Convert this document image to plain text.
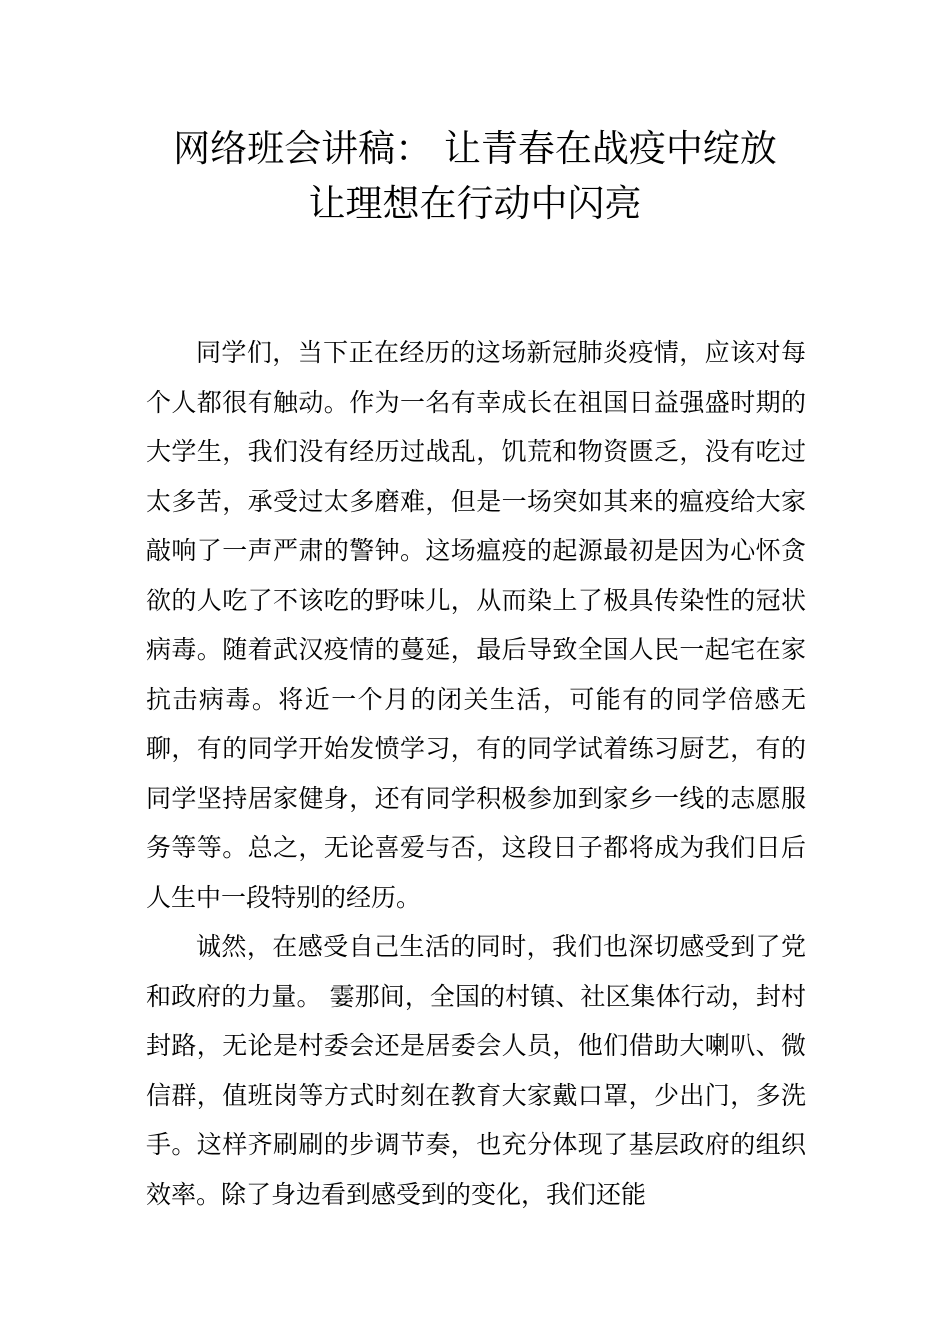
网络班会讲稿： 让青春在战疫中绽放
让理想在行动中闪亮

同学们，当下正在经历的这场新冠肺炎疫情，应该对每个人都很有触动。作为一名有幸成长在祖国日益强盛时期的大学生，我们没有经历过战乱，饥荒和物资匮乏，没有吃过太多苦，承受过太多磨难，但是一场突如其来的瘟疫给大家敲响了一声严肃的警钟。这场瘟疫的起源最初是因为心怀贪欲的人吃了不该吃的野味儿，从而染上了极具传染性的冠状病毒。随着武汉疫情的蔓延，最后导致全国人民一起宅在家抗击病毒。将近一个月的闭关生活，可能有的同学倍感无聊，有的同学开始发愤学习，有的同学试着练习厨艺，有的同学坚持居家健身，还有同学积极参加到家乡一线的志愿服务等等。总之，无论喜爱与否，这段日子都将成为我们日后人生中一段特别的经历。

诚然，在感受自己生活的同时，我们也深切感受到了党和政府的力量。 霎那间，全国的村镇、社区集体行动，封村封路，无论是村委会还是居委会人员，他们借助大喇叭、微信群，值班岗等方式时刻在教育大家戴口罩，少出门，多洗手。这样齐刷刷的步调节奏，也充分体现了基层政府的组织效率。除了身边看到感受到的变化，我们还能
